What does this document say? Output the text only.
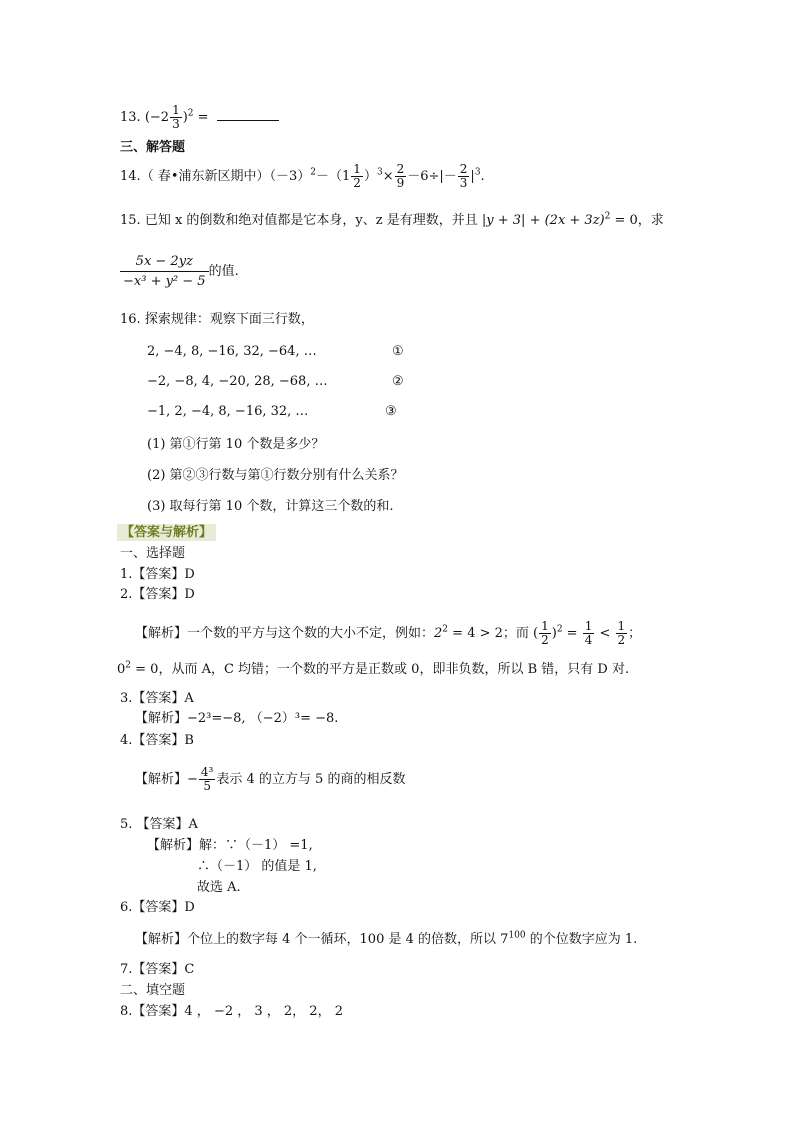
13. $(-2 \frac{1}{3} )^2$ =
三、解答题
14.（ 春•浦东新区期中）$(-3)^2-(1 \frac{1}{2} )^3\times \frac{2}{9} -6\div|- \frac{2}{3} |^3$.
15. 已知 x 的倒数和绝对值都是它本身，y、z 是有理数，并且 $|y + 3| + (2x + 3z)^2 = 0$，求
$\frac{5x - 2yz}{\text{−x³ + y² − 5}}$ 的值.
16. 探索规律：观察下面三行数，
2, −4, 8, −16, 32, −64, …	①
−2, −8, 4, −20, 28, −68, …	②
−1, 2, −4, 8, −16, 32, …	③
(1) 第①行第 10 个数是多少？
(2) 第②③行数与第①行数分别有什么关系？
(3) 取每行第 10 个数，计算这三个数的和.
【答案与解析】
一、选择题
1.【答案】D
2.【答案】D
【解析】一个数的平方与这个数的大小不定，例如：$2^2 = 4 > 2$；而 ( $\frac{1}{2} )^2 = \frac{1}{4} < \frac{1}{2}$ ；
$0^2 = 0$，从而 A，C 均错；一个数的平方是正数或 0，即非负数，所以 B 错，只有 D 对.
3.【答案】A
【解析】−2³=−8, （−2）³= −8.
4.【答案】B
【解析】− $\frac{\text{4³}}{5}$ 表示 4 的立方与 5 的商的相反数
5. 【答案】A
【解析】解：∵（－1） =1,
∴（－1） 的值是 1,
故选 A.
6.【答案】D
【解析】个位上的数字每 4 个一循环，100 是 4 的倍数，所以 $7^{100}$ 的个位数字应为 1.
7.【答案】C
二、填空题
8.【答案】4 ， −2 ， 3 ， 2， 2， 2
